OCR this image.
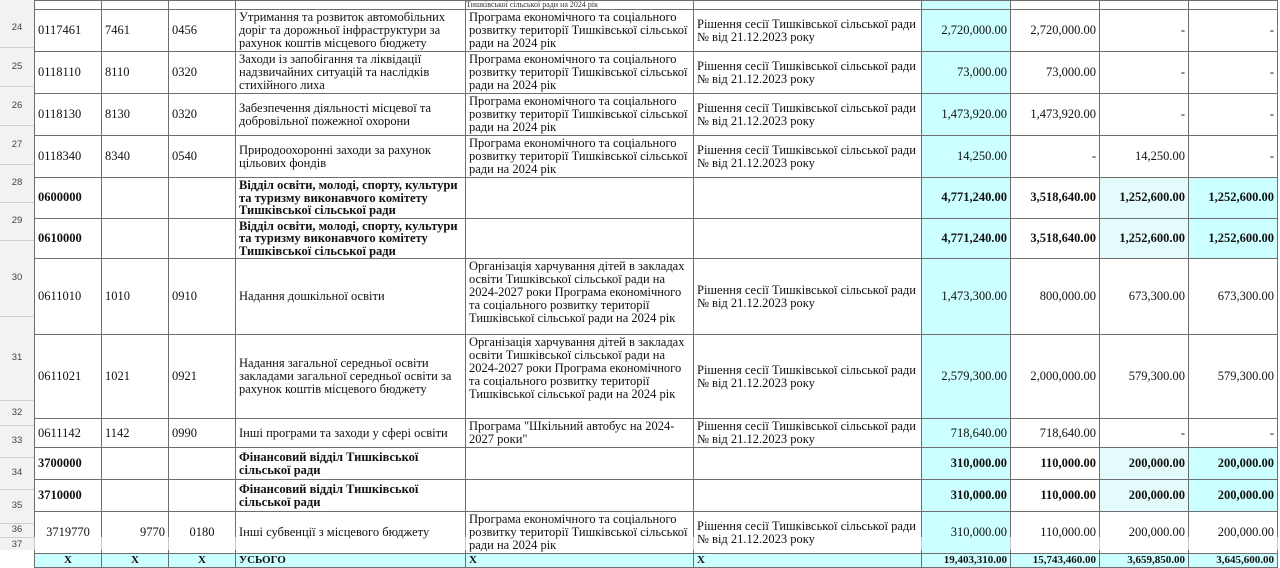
				Тишківської сільської ради на 2024 рік					
0117461	7461	0456	Утримання та розвиток автомобільних доріг та дорожньої інфраструктури за рахунок коштів місцевого бюджету	Програма економічного та соціального розвитку території Тишківської сільської ради на 2024 рік	Рішення сесії Тишківської сільської ради № від 21.12.2023 року	2,720,000.00	2,720,000.00	-	-
0118110	8110	0320	Заходи із запобігання та ліквідації надзвичайних ситуацій та наслідків стихійного лиха	Програма економічного та соціального розвитку території Тишківської сільської ради на 2024 рік	Рішення сесії Тишківської сільської ради № від 21.12.2023 року	73,000.00	73,000.00	-	-
0118130	8130	0320	Забезпечення діяльності місцевої та добровільної пожежної охорони	Програма економічного та соціального розвитку території Тишківської сільської ради на 2024 рік	Рішення сесії Тишківської сільської ради № від 21.12.2023 року	1,473,920.00	1,473,920.00	-	-
0118340	8340	0540	Природоохоронні заходи за рахунок цільових фондів	Програма економічного та соціального розвитку території Тишківської сільської ради на 2024 рік	Рішення сесії Тишківської сільської ради № від 21.12.2023 року	14,250.00	-	14,250.00	-
0600000			Відділ освіти, молоді, спорту, культури та туризму виконавчого комітету Тишківської сільської ради			4,771,240.00	3,518,640.00	1,252,600.00	1,252,600.00
0610000			Відділ освіти, молоді, спорту, культури та туризму виконавчого комітету Тишківської сільської ради			4,771,240.00	3,518,640.00	1,252,600.00	1,252,600.00
0611010	1010	0910	Надання дошкільної освіти	Організація харчування дітей в закладах освіти Тишківської сільської ради на 2024-2027 роки Програма економічного та соціального розвитку території Тишківської сільської ради на 2024 рік	Рішення сесії Тишківської сільської ради № від 21.12.2023 року	1,473,300.00	800,000.00	673,300.00	673,300.00
0611021	1021	0921	Надання загальної середньої освіти закладами загальної середньої освіти за рахунок коштів місцевого бюджету	Організація харчування дітей в закладах освіти Тишківської сільської ради на 2024-2027 роки Програма економічного та соціального розвитку території Тишківської сільської ради на 2024 рік	Рішення сесії Тишківської сільської ради № від 21.12.2023 року	2,579,300.00	2,000,000.00	579,300.00	579,300.00
0611142	1142	0990	Інші програми та заходи у сфері освіти	Програма "Шкільний автобус на 2024-2027 роки"	Рішення сесії Тишківської сільської ради № від 21.12.2023 року	718,640.00	718,640.00	-	-
3700000			Фінансовий відділ Тишківської сільської ради			310,000.00	110,000.00	200,000.00	200,000.00
3710000			Фінансовий відділ Тишківської сільської ради			310,000.00	110,000.00	200,000.00	200,000.00
3719770	9770	0180	Інші субвенції з місцевого бюджету	Програма економічного та соціального розвитку території Тишківської сільської ради на 2024 рік	Рішення сесії Тишківської сільської ради № від 21.12.2023 року	310,000.00	110,000.00	200,000.00	200,000.00
X	X	X	УСЬОГО	X	X	19,403,310.00	15,743,460.00	3,659,850.00	3,645,600.00
24
25
26
27
28
29
30
31
32
33
34
35
36
37
